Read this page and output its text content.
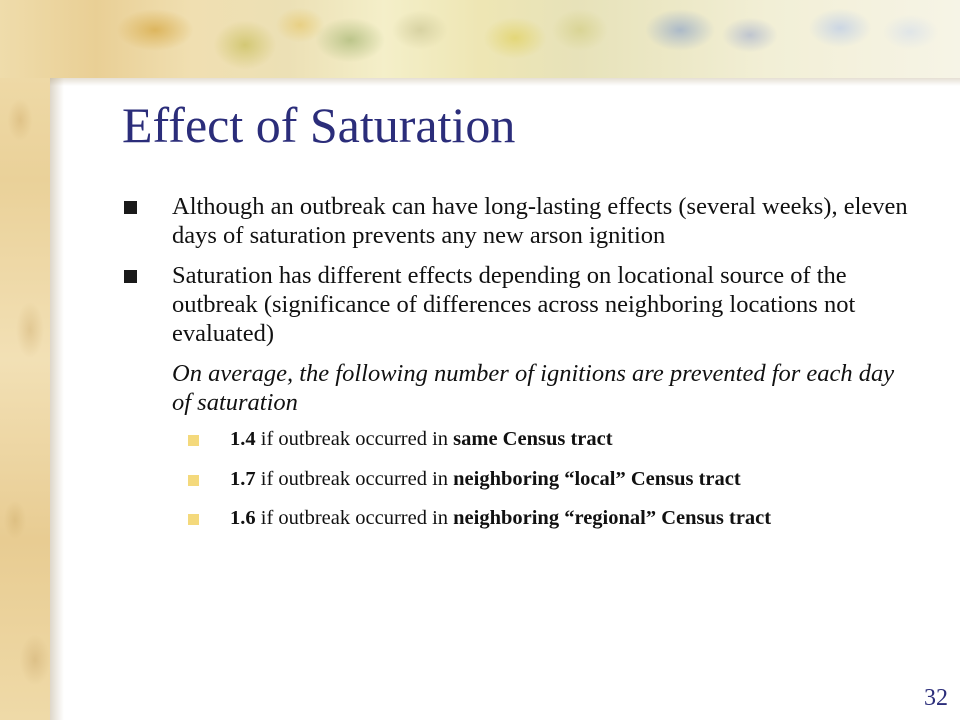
Effect of Saturation
Although an outbreak can have long-lasting effects (several weeks), eleven days of saturation prevents any new arson ignition
Saturation has different effects depending on locational source of the outbreak (significance of differences across neighboring locations not evaluated)
On average, the following number of ignitions are prevented for each day of saturation
1.4 if outbreak occurred in same Census tract
1.7 if outbreak occurred in neighboring “local” Census tract
1.6 if outbreak occurred in neighboring “regional” Census tract
32
